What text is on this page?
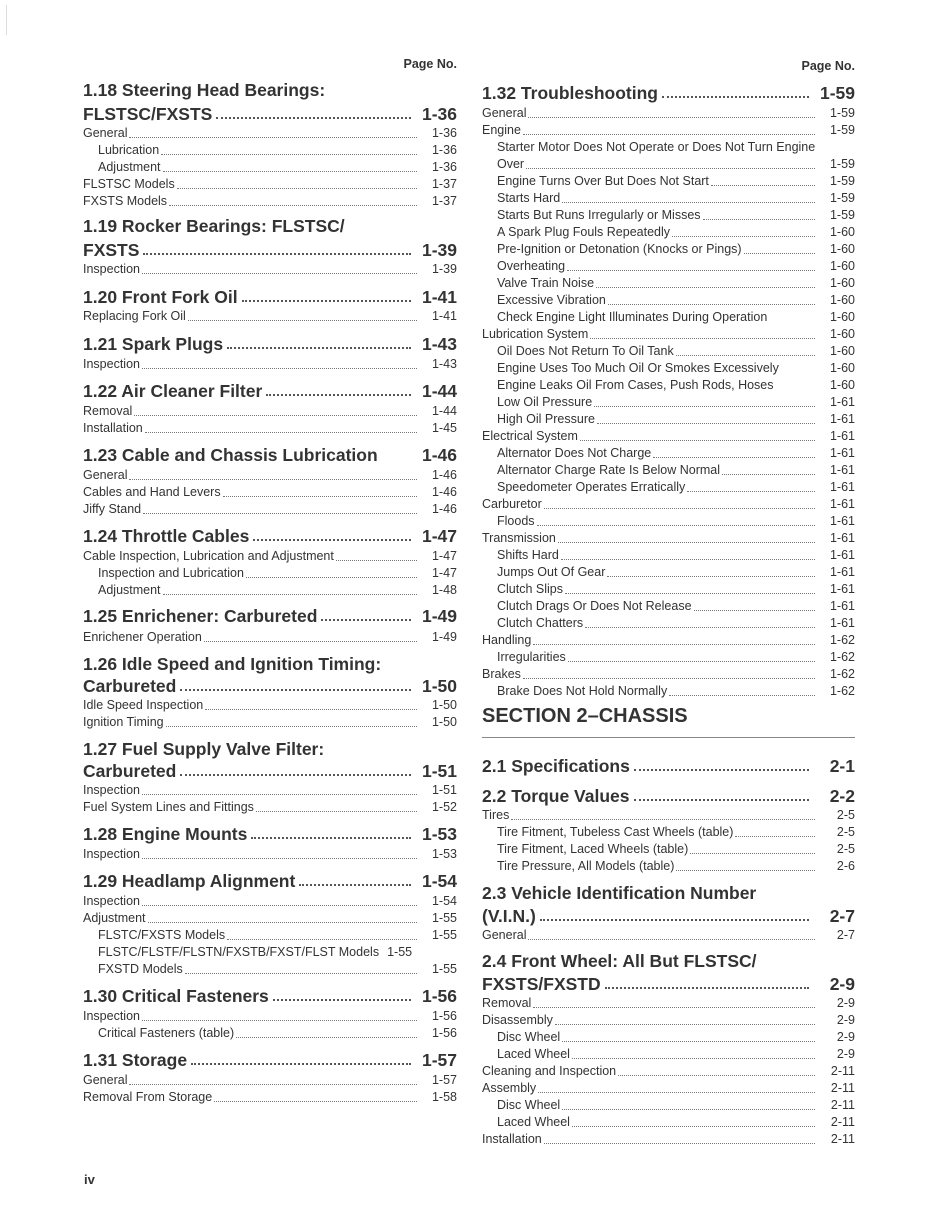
Page No.
1.18 Steering Head Bearings:
FLSTSC/FXSTS	1-36
General	1-36
Lubrication	1-36
Adjustment	1-36
FLSTSC Models	1-37
FXSTS Models	1-37
1.19 Rocker Bearings: FLSTSC/
FXSTS	1-39
Inspection	1-39
1.20 Front Fork Oil	1-41
Replacing Fork Oil	1-41
1.21 Spark Plugs	1-43
Inspection	1-43
1.22 Air Cleaner Filter	1-44
Removal	1-44
Installation	1-45
1.23 Cable and Chassis Lubrication	1-46
General	1-46
Cables and Hand Levers	1-46
Jiffy Stand	1-46
1.24 Throttle Cables	1-47
Cable Inspection, Lubrication and Adjustment	1-47
Inspection and Lubrication	1-47
Adjustment	1-48
1.25 Enrichener: Carbureted	1-49
Enrichener Operation	1-49
1.26 Idle Speed and Ignition Timing:
Carbureted	1-50
Idle Speed Inspection	1-50
Ignition Timing	1-50
1.27 Fuel Supply Valve Filter:
Carbureted	1-51
Inspection	1-51
Fuel System Lines and Fittings	1-52
1.28 Engine Mounts	1-53
Inspection	1-53
1.29 Headlamp Alignment	1-54
Inspection	1-54
Adjustment	1-55
FLSTC/FXSTS Models	1-55
FLSTC/FLSTF/FLSTN/FXSTB/FXST/FLST Models 1-55
FXSTD Models	1-55
1.30 Critical Fasteners	1-56
Inspection	1-56
Critical Fasteners (table)	1-56
1.31 Storage	1-57
General	1-57
Removal From Storage	1-58
Page No.
1.32 Troubleshooting	1-59
General	1-59
Engine	1-59
Starter Motor Does Not Operate or Does Not Turn Engine
Over	1-59
Engine Turns Over But Does Not Start	1-59
Starts Hard	1-59
Starts But Runs Irregularly or Misses	1-59
A Spark Plug Fouls Repeatedly	1-60
Pre-Ignition or Detonation (Knocks or Pings)	1-60
Overheating	1-60
Valve Train Noise	1-60
Excessive Vibration	1-60
Check Engine Light Illuminates During Operation	1-60
Lubrication System	1-60
Oil Does Not Return To Oil Tank	1-60
Engine Uses Too Much Oil Or Smokes Excessively	1-60
Engine Leaks Oil From Cases, Push Rods, Hoses	1-60
Low Oil Pressure	1-61
High Oil Pressure	1-61
Electrical System	1-61
Alternator Does Not Charge	1-61
Alternator Charge Rate Is Below Normal	1-61
Speedometer Operates Erratically	1-61
Carburetor	1-61
Floods	1-61
Transmission	1-61
Shifts Hard	1-61
Jumps Out Of Gear	1-61
Clutch Slips	1-61
Clutch Drags Or Does Not Release	1-61
Clutch Chatters	1-61
Handling	1-62
Irregularities	1-62
Brakes	1-62
Brake Does Not Hold Normally	1-62
SECTION 2–CHASSIS
2.1 Specifications	2-1
2.2 Torque Values	2-2
Tires	2-5
Tire Fitment, Tubeless Cast Wheels (table)	2-5
Tire Fitment, Laced Wheels (table)	2-5
Tire Pressure, All Models (table)	2-6
2.3 Vehicle Identification Number
(V.I.N.)	2-7
General	2-7
2.4 Front Wheel: All But FLSTSC/
FXSTS/FXSTD	2-9
Removal	2-9
Disassembly	2-9
Disc Wheel	2-9
Laced Wheel	2-9
Cleaning and Inspection	2-11
Assembly	2-11
Disc Wheel	2-11
Laced Wheel	2-11
Installation	2-11
iv
